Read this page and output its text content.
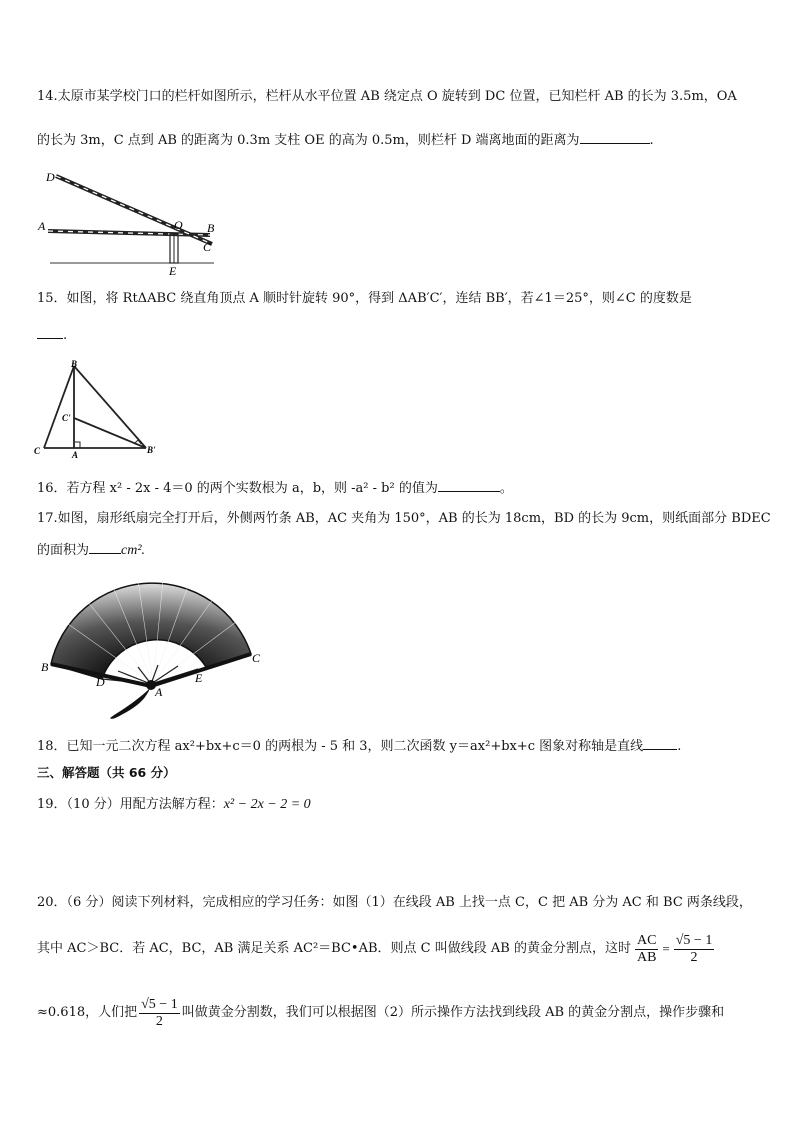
14.太原市某学校门口的栏杆如图所示，栏杆从水平位置 AB 绕定点 O 旋转到 DC 位置，已知栏杆 AB 的长为 3.5m，OA
的长为 3m，C 点到 AB 的距离为 0.3m 支柱 OE 的高为 0.5m，则栏杆 D 端离地面的距离为	.
D
A	O B
C
E
15．如图，将 RtΔABC 绕直角顶点 A 顺时针旋转 90°，得到 ΔAB′C′，连结 BB′，若∠1＝25°，则∠C 的度数是
.
B
C'
C	A	B'
16．若方程 x² - 2x - 4＝0 的两个实数根为 a，b，则 -a² - b² 的值为	。
17.如图，扇形纸扇完全打开后，外侧两竹条 AB，AC 夹角为 150°，AB 的长为 18cm，BD 的长为 9cm，则纸面部分 BDEC
的面积为 cm².
B
C
D	E
A
18．已知一元二次方程 ax²+bx+c＝0 的两根为 - 5 和 3，则二次函数 y＝ax²+bx+c 图象对称轴是直线	.
三、解答题（共 66 分）
19．（10 分）用配方法解方程：x² − 2x − 2 = 0
20．（6 分）阅读下列材料，完成相应的学习任务：如图（1）在线段 AB 上找一点 C，C 把 AB 分为 AC 和 BC 两条线段，
其中 AC＞BC．若 AC，BC，AB 满足关系 AC²＝BC•AB．则点 C 叫做线段 AB 的黄金分割点，这时 $\frac{AC}{AB} = \frac{√5 - 1}{2}$
≈0.618，人们把 $\frac{√5 - 1}{2}$ 叫做黄金分割数，我们可以根据图（2）所示操作方法找到线段 AB 的黄金分割点，操作步骤和
